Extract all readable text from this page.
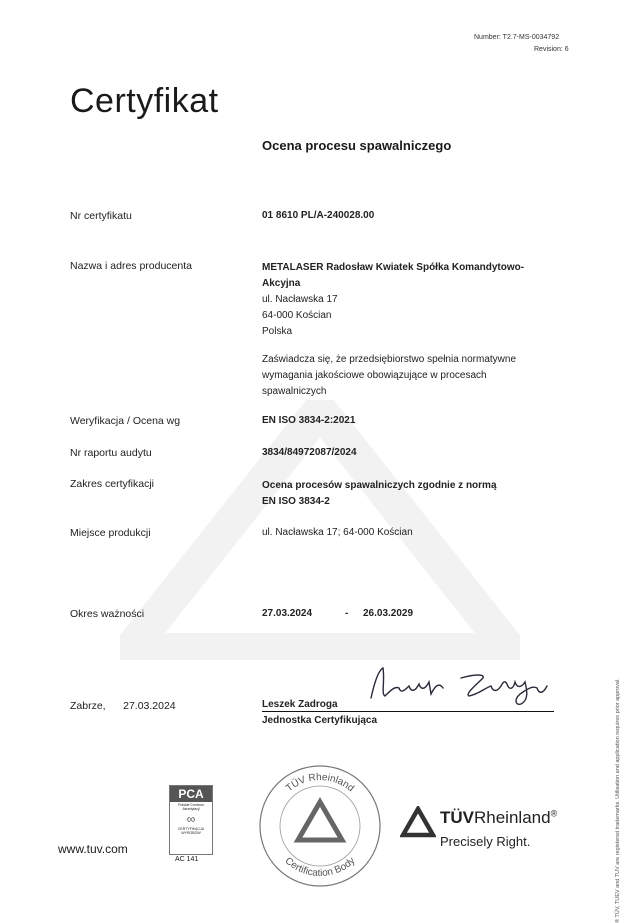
Number: T2.7-MS-0034792
Revision: 6
Certyfikat
Ocena procesu spawalniczego
Nr certyfikatu	01 8610 PL/A-240028.00
Nazwa i adres producenta	METALASER Radosław Kwiatek Spółka Komandytowo-
Akcyjna
ul. Nacławska 17
64-000 Kościan
Polska
Zaświadcza się, że przedsiębiorstwo spełnia normatywne
wymagania jakościowe obowiązujące w procesach
spawalniczych
Weryfikacja / Ocena wg	EN ISO 3834-2:2021
Nr raportu audytu	3834/84972087/2024
Zakres certyfikacji	Ocena procesów spawalniczych zgodnie z normą
EN ISO 3834-2
Miejsce produkcji	ul. Nacławska 17; 64-000 Kościan
Okres ważności	27.03.2024	- 26.03.2029
Zabrze,      27.03.2024	Leszek Zadroga
Jednostka Certyfikująca
www.tuv.com
PCA
Polskie Centrum
Akredytacji
∞
CERTYFIKACJA
WYROBÓW
AC 141
TÜV Rheinland
Certification Body
TÜVRheinland®
Precisely Right.	® TÜV, TUEV and TUV are registered trademarks. Utilisation and application requires prior approval.
